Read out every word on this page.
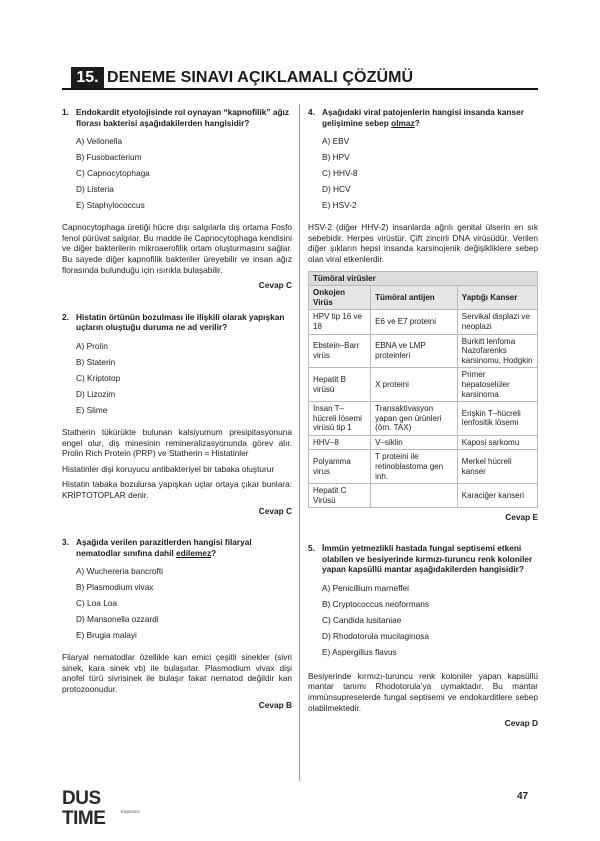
15. DENEME SINAVI AÇIKLAMALI ÇÖZÜMÜ
1. Endokardit etyolojisinde rol oynayan “kapnofilik” ağız florası bakterisi aşağıdakilerden hangisidir?
A) Veilonella
B) Fusobacterium
C) Capnocytophaga
D) Listeria
E) Staphylococcus

Capnocytophaga üretiği hücre dışı salgılarla dış ortama Fosfo fenol pürüvat salgılar. Bu madde ile Capnocytophaga kendisini ve diğer bakterilerin mikroaerofilik ortam oluşturmasını sağlar. Bu sayede diğer kapnofilik bakteriler üreyebilir ve insan ağız florasında bulunduğu için ısırıkla bulaşabilir.

Cevap C
2. Histatin örtünün bozulması ile ilişkili olarak yapışkan uçların oluştuğu duruma ne ad verilir?
A) Prolin
B) Staterin
C) Kriptotop
D) Lizozim
E) Slime

Statherin tükürükte bulunan kalsiyumum presipitasyonuna engel olur, diş minesinin remineralizasyonunda görev alır. Prolin Rich Protein (PRP) ve Statherin = Histatinler

Histatinler dişi koruyucu antibakteriyel bir tabaka oluşturur

Histatin tabaka bozulursa yapışkan uçlar ortaya çıkar bunlara: KRİPTOTOPLAR denir.

Cevap C
3. Aşağıda verilen parazitlerden hangisi filaryal nematodlar sınıfına dahil edilemez?
A) Wuchereria bancrofti
B) Plasmodium vivax
C) Loa Loa
D) Mansonella ozzardi
E) Brugia malayi

Filaryal nematodlar özellikle kan emici çeşitli sinekler (sivri sinek, kara sinek vb) ile bulaşırlar. Plasmodium vivax dişi anofel türü sivrisinek ile bulaşır fakat nematod değildir kan protozoonudur.

Cevap B
4. Aşağıdaki viral patojenlerin hangisi insanda kanser gelişimine sebep olmaz?
A) EBV
B) HPV
C) HHV-8
D) HCV
E) HSV-2

HSV-2 (diğer HHV-2) insanlarda ağrılı genital ülserin en sık sebebidir. Herpes virüstür. Çift zincirli DNA virüsüdür. Verilen diğer şıkların hepsi insanda karsinojenik değişikliklere sebep olan viral etkenlerdir.

Tümöral virüsler		
Onkojen Virüs	Tümöral antijen	Yaptığı Kanser
HPV tip 16 ve 18	E6 ve E7 proteini	Servikal displazi ve neoplazi
Ebstein–Barr virüs	EBNA ve LMP proteinleri	Burkitt lenfoma Nazofarenks karsinomu, Hodgkin
Hepatit B virüsü	X proteini	Primer hepatoselüler karsinoma
İnsan T–hücreli lösemi virüsü tip 1	Transaktivasyon yapan gen ürünleri (örn. TAX)	Erişkin T–hücreli lenfositik lösemi
HHV–8	V–siklin	Kaposi sarkomu
Polyamma virus	T proteini ile retinoblastoma gen inh.	Merkel hücreli kanser
Hepatit C Virüsü		Karaciğer kanseri
Cevap E
5. İmmün yetmezlikli hastada fungal septisemi etkeni olabilen ve besiyerinde kırmızı-turuncu renk koloniler yapan kapsüllü mantar aşağıdakilerden hangisidir?
A) Penicillium marneffei
B) Cryptococcus neoformans
C) Candida lusitaniae
D) Rhodotorula mucilaginosa
E) Aspergillus flavus

Besiyerinde kırmızı-turuncu renk koloniler yapan kapsüllü mantar tanımı Rhodotorula’ya uymaktadır. Bu mantar immünsupreselerde fungal septisemi ve endokarditlere sebep olabilmektedir.

Cevap D
DUS TIME	Kapsamlı
47
